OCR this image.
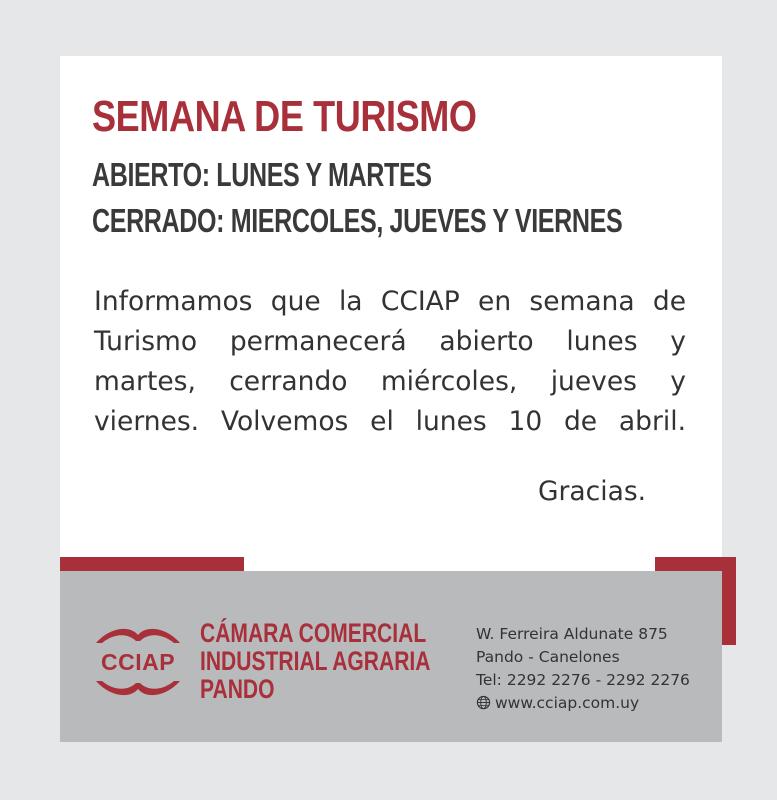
SEMANA DE TURISMO
ABIERTO: LUNES Y MARTES
CERRADO: MIERCOLES, JUEVES Y VIERNES

Informamos que la CCIAP en semana de
Turismo permanecerá abierto lunes y
martes, cerrando miércoles, jueves y
viernes. Volvemos el lunes 10 de abril.

Gracias.
CCIAP
CÁMARA COMERCIAL
INDUSTRIAL AGRARIA
PANDO
W. Ferreira Aldunate 875
Pando - Canelones
Tel: 2292 2276 - 2292 2276
www.cciap.com.uy
